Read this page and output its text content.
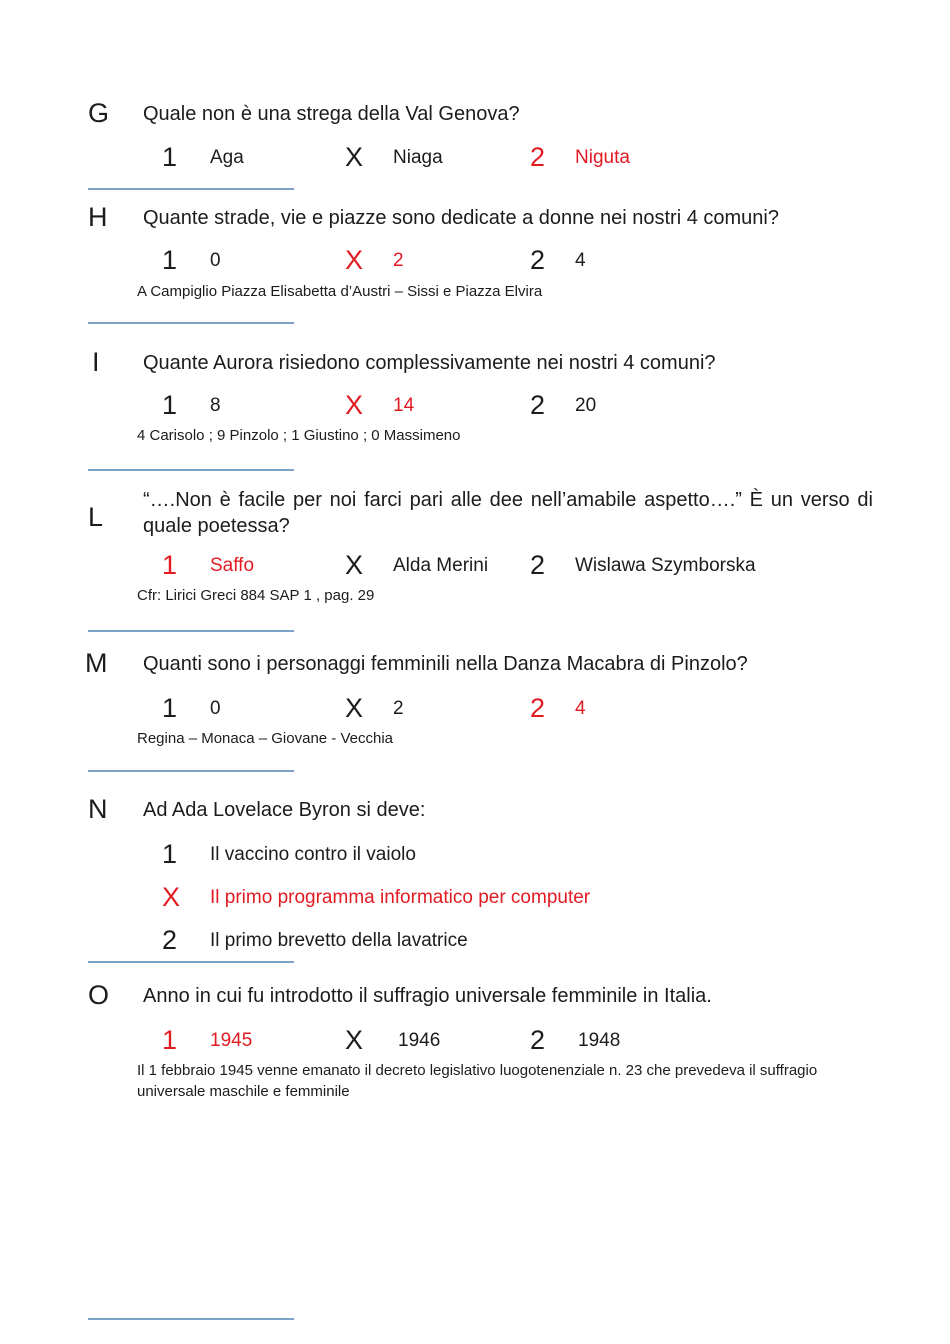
G Quale non è una strega della Val Genova?
1 Aga	X Niaga	2 Niguta
H Quante strade, vie e piazze sono dedicate a donne nei nostri 4 comuni?
1 0	X 2	2 4
A Campiglio Piazza Elisabetta d’Austri – Sissi e Piazza Elvira
I Quante Aurora risiedono complessivamente nei nostri 4 comuni?
1 8	X 14	2 20
4 Carisolo ; 9 Pinzolo ; 1 Giustino ; 0 Massimeno
L
“….Non è facile per noi farci pari alle dee nell’amabile aspetto….” È un verso di quale poetessa?
1 Saffo	X Alda Merini 2 Wislawa Szymborska
Cfr: Lirici Greci 884 SAP 1 , pag. 29
M Quanti sono i personaggi femminili nella Danza Macabra di Pinzolo?
1 0	X 2	2 4
Regina – Monaca – Giovane - Vecchia
N Ad Ada Lovelace Byron si deve:
1 Il vaccino contro il vaiolo
X Il primo programma informatico per computer
2 Il primo brevetto della lavatrice
O Anno in cui fu introdotto il suffragio universale femminile in Italia.
1 1945	X 1946	2 1948
Il 1 febbraio 1945 venne emanato il decreto legislativo luogotenenziale n. 23 che prevedeva il suffragio universale maschile e femminile
